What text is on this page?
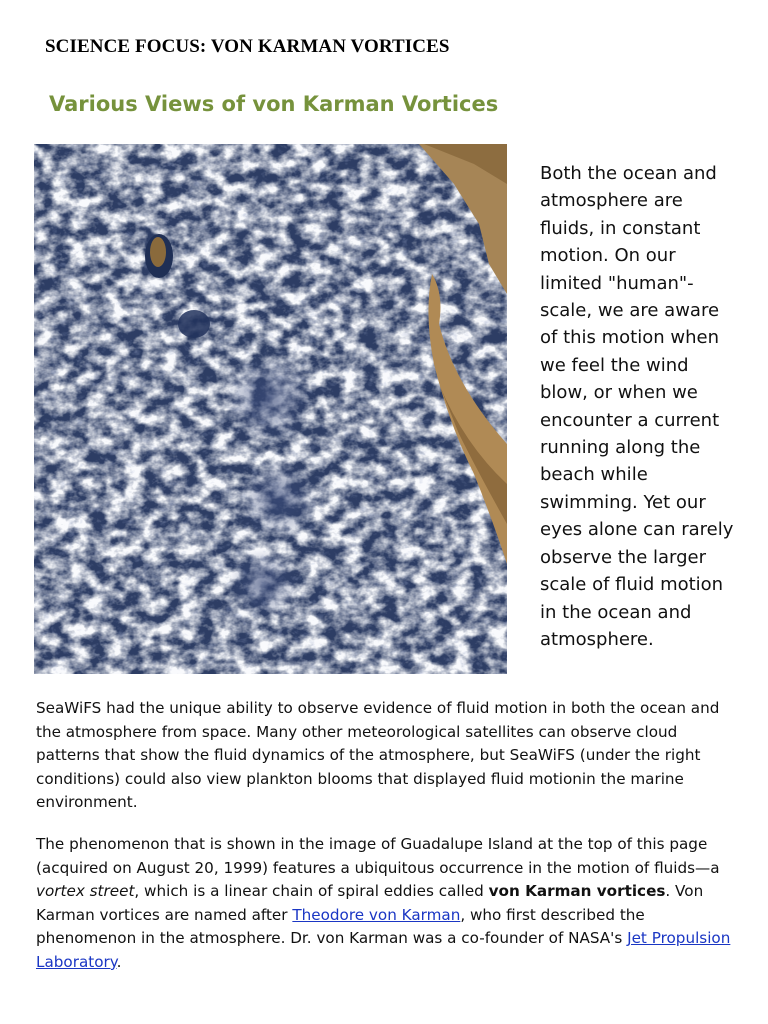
SCIENCE FOCUS: VON KARMAN VORTICES
Various Views of von Karman Vortices
Both the ocean and atmosphere are fluids, in constant motion. On our limited "human"-scale, we are aware of this motion when we feel the wind blow, or when we encounter a current running along the beach while swimming. Yet our eyes alone can rarely observe the larger scale of fluid motion in the ocean and atmosphere.
SeaWiFS had the unique ability to observe evidence of fluid motion in both the ocean and the atmosphere from space. Many other meteorological satellites can observe cloud patterns that show the fluid dynamics of the atmosphere, but SeaWiFS (under the right conditions) could also view plankton blooms that displayed fluid motionin the marine environment.
The phenomenon that is shown in the image of Guadalupe Island at the top of this page (acquired on August 20, 1999) features a ubiquitous occurrence in the motion of fluids—a vortex street, which is a linear chain of spiral eddies called von Karman vortices. Von Karman vortices are named after Theodore von Karman, who first described the phenomenon in the atmosphere. Dr. von Karman was a co-founder of NASA's Jet Propulsion Laboratory.
